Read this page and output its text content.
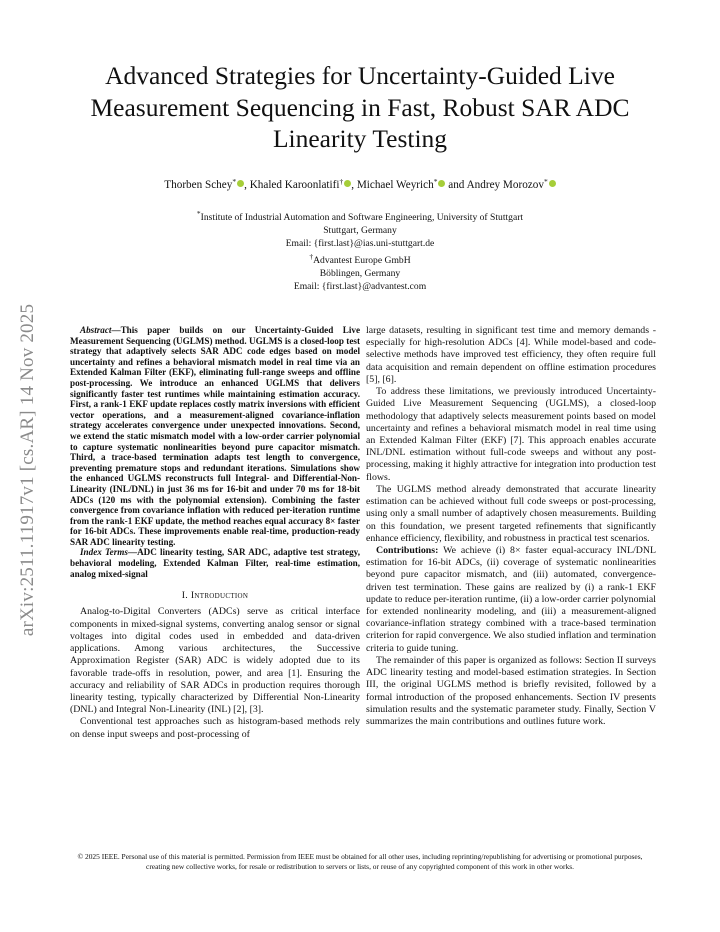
arXiv:2511.11917v1 [cs.AR] 14 Nov 2025
Advanced Strategies for Uncertainty-Guided Live Measurement Sequencing in Fast, Robust SAR ADC Linearity Testing
Thorben Schey* , Khaled Karoonlatifi† , Michael Weyrich* and Andrey Morozov*
*Institute of Industrial Automation and Software Engineering, University of Stuttgart
Stuttgart, Germany
Email: {first.last}@ias.uni-stuttgart.de
†Advantest Europe GmbH
Böblingen, Germany
Email: {first.last}@advantest.com

Abstract—This paper builds on our Uncertainty-Guided Live Measurement Sequencing (UGLMS) method. UGLMS is a closed-loop test strategy that adaptively selects SAR ADC code edges based on model uncertainty and refines a behavioral mismatch model in real time via an Extended Kalman Filter (EKF), eliminating full-range sweeps and offline post-processing. We introduce an enhanced UGLMS that delivers significantly faster test runtimes while maintaining estimation accuracy. First, a rank-1 EKF update replaces costly matrix inversions with efficient vector operations, and a measurement-aligned covariance-inflation strategy accelerates convergence under unexpected innovations. Second, we extend the static mismatch model with a low-order carrier polynomial to capture systematic nonlinearities beyond pure capacitor mismatch. Third, a trace-based termination adapts test length to convergence, preventing premature stops and redundant iterations. Simulations show the enhanced UGLMS reconstructs full Integral- and Differential-Non-Linearity (INL/DNL) in just 36 ms for 16-bit and under 70 ms for 18-bit ADCs (120 ms with the polynomial extension). Combining the faster convergence from covariance inflation with reduced per-iteration runtime from the rank-1 EKF update, the method reaches equal accuracy 8× faster for 16-bit ADCs. These improvements enable real-time, production-ready SAR ADC linearity testing.

Index Terms—ADC linearity testing, SAR ADC, adaptive test strategy, behavioral modeling, Extended Kalman Filter, real-time estimation, analog mixed-signal

I. Introduction

Analog-to-Digital Converters (ADCs) serve as critical interface components in mixed-signal systems, converting analog sensor or signal voltages into digital codes used in embedded and data-driven applications. Among various architectures, the Successive Approximation Register (SAR) ADC is widely adopted due to its favorable trade-offs in resolution, power, and area [1]. Ensuring the accuracy and reliability of SAR ADCs in production requires thorough linearity testing, typically characterized by Differential Non-Linearity (DNL) and Integral Non-Linearity (INL) [2], [3].

Conventional test approaches such as histogram-based methods rely on dense input sweeps and post-processing of

large datasets, resulting in significant test time and memory demands - especially for high-resolution ADCs [4]. While model-based and code-selective methods have improved test efficiency, they often require full data acquisition and remain dependent on offline estimation procedures [5], [6].

To address these limitations, we previously introduced Uncertainty-Guided Live Measurement Sequencing (UGLMS), a closed-loop methodology that adaptively selects measurement points based on model uncertainty and refines a behavioral mismatch model in real time using an Extended Kalman Filter (EKF) [7]. This approach enables accurate INL/DNL estimation without full-code sweeps and without any post-processing, making it highly attractive for integration into production test flows.

The UGLMS method already demonstrated that accurate linearity estimation can be achieved without full code sweeps or post-processing, using only a small number of adaptively chosen measurements. Building on this foundation, we present targeted refinements that significantly enhance efficiency, flexibility, and robustness in practical test scenarios.

Contributions: We achieve (i) 8× faster equal-accuracy INL/DNL estimation for 16-bit ADCs, (ii) coverage of systematic nonlinearities beyond pure capacitor mismatch, and (iii) automated, convergence-driven test termination. These gains are realized by (i) a rank-1 EKF update to reduce per-iteration runtime, (ii) a low-order carrier polynomial for extended nonlinearity modeling, and (iii) a measurement-aligned covariance-inflation strategy combined with a trace-based termination criterion for rapid convergence. We also studied inflation and termination criteria to guide tuning.

The remainder of this paper is organized as follows: Section II surveys ADC linearity testing and model-based estimation strategies. In Section III, the original UGLMS method is briefly revisited, followed by a formal introduction of the proposed enhancements. Section IV presents simulation results and the systematic parameter study. Finally, Section V summarizes the main contributions and outlines future work.

© 2025 IEEE. Personal use of this material is permitted. Permission from IEEE must be obtained for all other uses, including reprinting/republishing for advertising or promotional purposes, creating new collective works, for resale or redistribution to servers or lists, or reuse of any copyrighted component of this work in other works.
